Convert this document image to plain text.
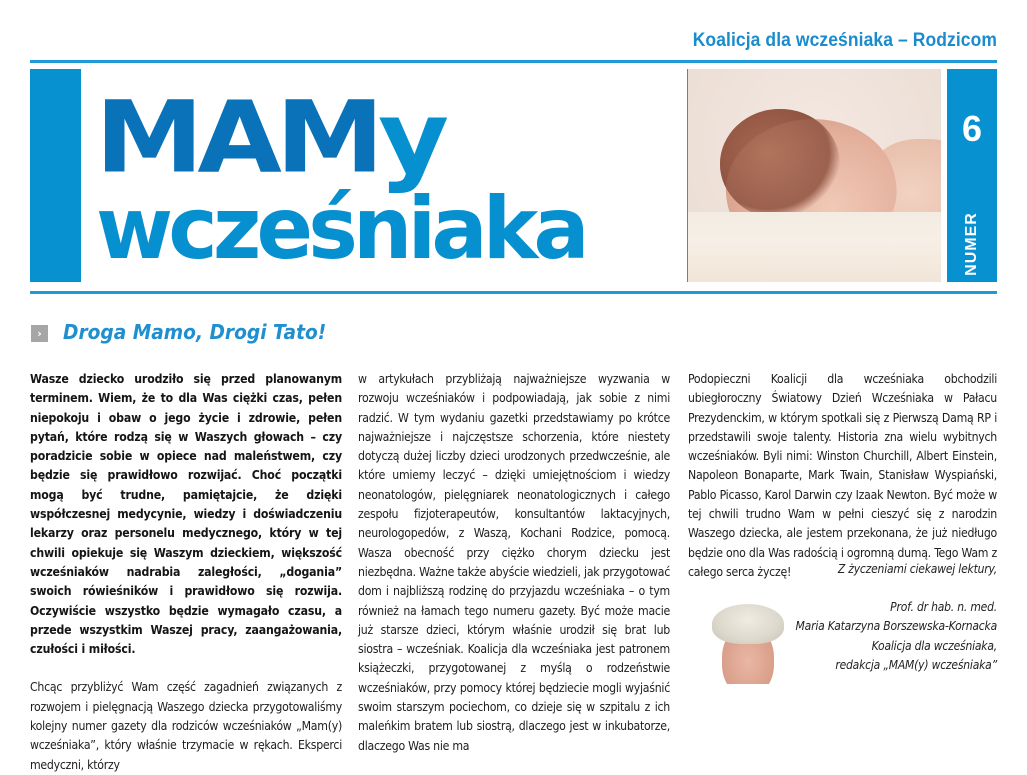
Koalicja dla wcześniaka – Rodzicom
MAMy
wcześniaka
6
NUMER
›	Droga Mamo, Drogi Tato!

Wasze dziecko urodziło się przed planowanym terminem. Wiem, że to dla Was ciężki czas, pełen niepokoju i obaw o jego życie i zdrowie, pełen pytań, które rodzą się w Waszych głowach – czy poradzicie sobie w opiece nad maleństwem, czy będzie się prawidłowo rozwijać. Choć początki mogą być trudne, pamiętajcie, że dzięki współczesnej medycynie, wiedzy i doświadczeniu lekarzy oraz personelu medycznego, który w tej chwili opiekuje się Waszym dzieckiem, większość wcześniaków nadrabia zaległości, „dogania” swoich rówieśników i prawidłowo się rozwija. Oczywiście wszystko będzie wymagało czasu, a przede wszystkim Waszej pracy, zaangażowania, czułości i miłości.

Chcąc przybliżyć Wam część zagadnień związanych z rozwojem i pielęgnacją Waszego dziecka przygotowaliśmy kolejny numer gazety dla rodziców wcześniaków „Mam(y) wcześniaka”, który właśnie trzymacie w rękach. Eksperci medyczni, którzy

w artykułach przybliżają najważniejsze wyzwania w rozwoju wcześniaków i podpowiadają, jak sobie z nimi radzić. W tym wydaniu gazetki przedstawiamy po krótce najważniejsze i najczęstsze schorzenia, które niestety dotyczą dużej liczby dzieci urodzonych przedwcześnie, ale które umiemy leczyć – dzięki umiejętnościom i wiedzy neonatologów, pielęgniarek neonatologicznych i całego zespołu fizjoterapeutów, konsultantów laktacyjnych, neurologopedów, z Waszą, Kochani Rodzice, pomocą. Wasza obecność przy ciężko chorym dziecku jest niezbędna. Ważne także abyście wiedzieli, jak przygotować dom i najbliższą rodzinę do przyjazdu wcześniaka – o tym również na łamach tego numeru gazety. Być może macie już starsze dzieci, którym właśnie urodził się brat lub siostra – wcześniak. Koalicja dla wcześniaka jest patronem książeczki, przygotowanej z myślą o rodzeństwie wcześniaków, przy pomocy której będziecie mogli wyjaśnić swoim starszym pociechom, co dzieje się w szpitalu z ich maleńkim bratem lub siostrą, dlaczego jest w inkubatorze, dlaczego Was nie ma

Podopieczni Koalicji dla wcześniaka obchodzili ubiegłoroczny Światowy Dzień Wcześniaka w Pałacu Prezydenckim, w którym spotkali się z Pierwszą Damą RP i przedstawili swoje talenty. Historia zna wielu wybitnych wcześniaków. Byli nimi: Winston Churchill, Albert Einstein, Napoleon Bonaparte, Mark Twain, Stanisław Wyspiański, Pablo Picasso, Karol Darwin czy Izaak Newton. Być może w tej chwili trudno Wam w pełni cieszyć się z narodzin Waszego dziecka, ale jestem przekonana, że już niedługo będzie ono dla Was radością i ogromną dumą. Tego Wam z całego serca życzę!	Z życzeniami ciekawej lektury,
Prof. dr hab. n. med.
Maria Katarzyna Borszewska-Kornacka
Koalicja dla wcześniaka,
redakcja „MAM(y) wcześniaka”
